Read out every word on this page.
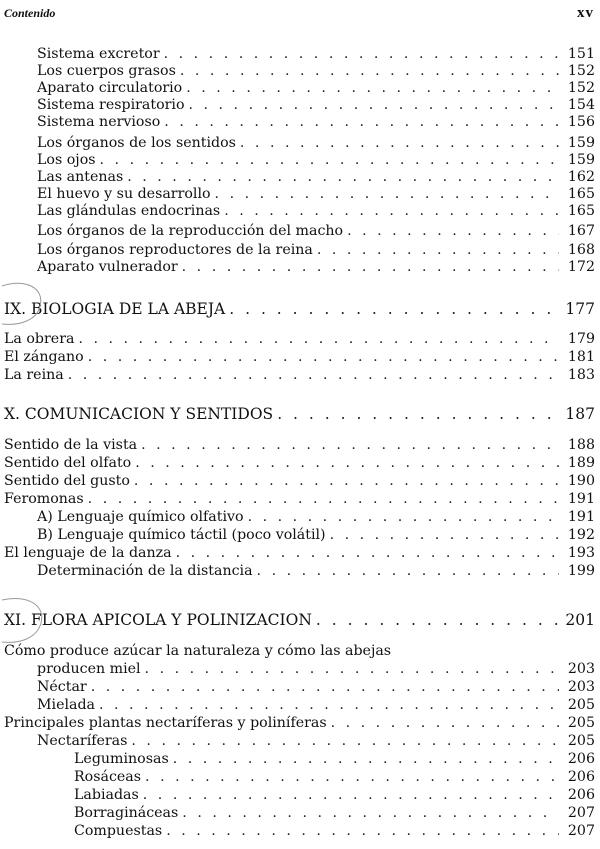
Contenido	xv
Sistema excretor . . .	151
Los cuerpos grasos . . .	152
Aparato circulatorio . . .	152
Sistema respiratorio . . .	154
Sistema nervioso . . .	156
Los órganos de los sentidos . . .	159
Los ojos . . .	159
Las antenas . . .	162
El huevo y su desarrollo . . .	165
Las glándulas endocrinas . . .	165
Los órganos de la reproducción del macho . . .	167
Los órganos reproductores de la reina . . .	168
Aparato vulnerador . . .	172
IX. BIOLOGIA DE LA ABEJA . . .	177
La obrera . . .	179
El zángano . . .	181
La reina . . .	183
X. COMUNICACION Y SENTIDOS . . .	187
Sentido de la vista . . .	188
Sentido del olfato . . .	189
Sentido del gusto . . .	190
Feromonas . . .	191
A) Lenguaje químico olfativo . . .	191
B) Lenguaje químico táctil (poco volátil) . . .	192
El lenguaje de la danza . . .	193
Determinación de la distancia . . .	199
XI. FLORA APICOLA Y POLINIZACION . . .	201
Cómo produce azúcar la naturaleza y cómo las abejas
producen miel . . .	203
Néctar . . .	203
Mielada . . .	205
Principales plantas nectaríferas y poliníferas . . .	205
Nectaríferas . . .	205
Leguminosas . . .	206
Rosáceas . . .	206
Labiadas . . .	206
Borragináceas . . .	207
Compuestas . . .	207
